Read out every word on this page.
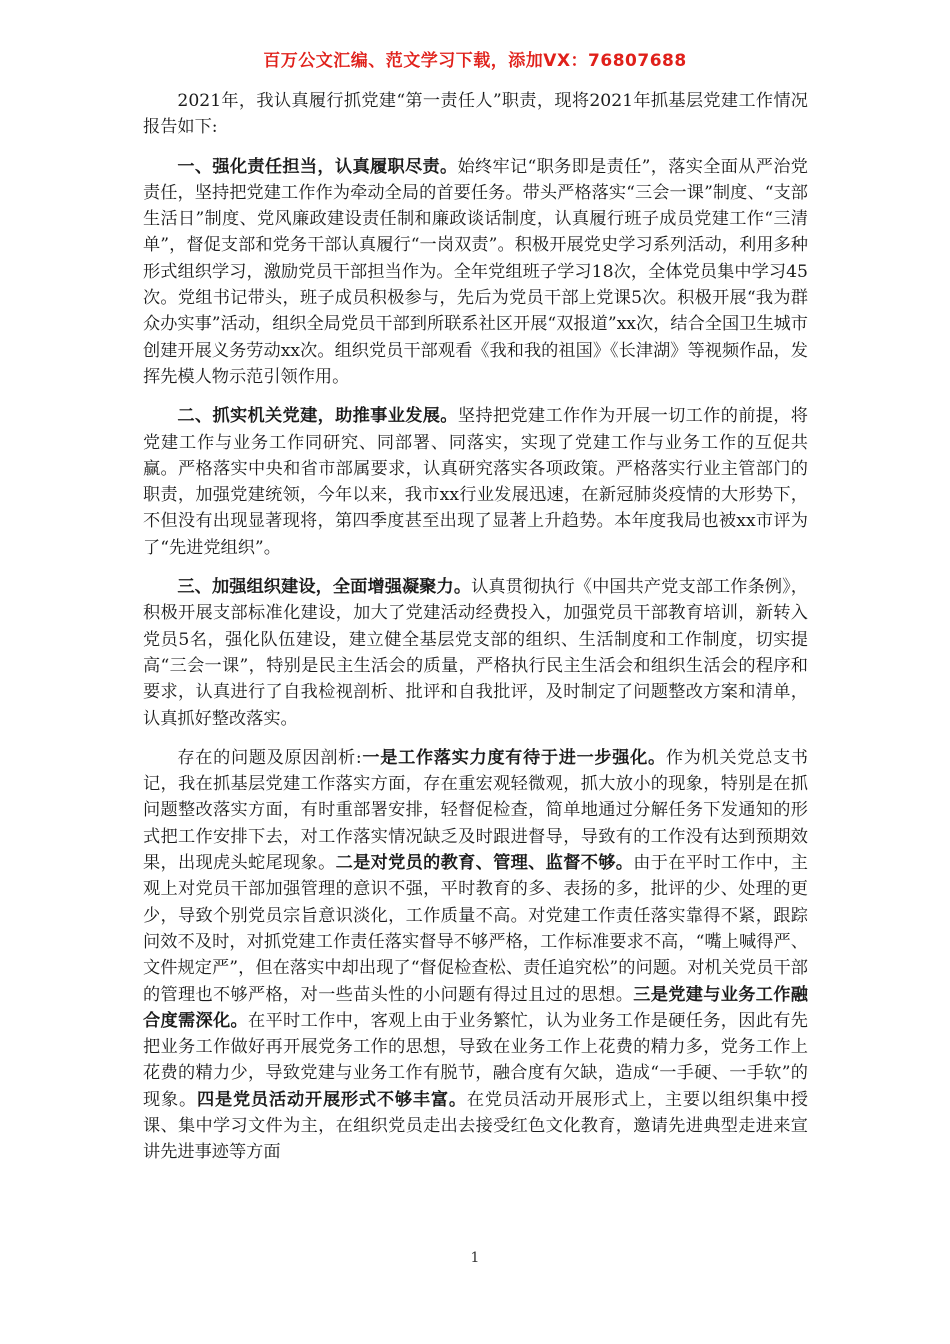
百万公文汇编、范文学习下载，添加VX：76807688

2021年，我认真履行抓党建“第一责任人”职责，现将2021年抓基层党建工作情况报告如下:

一、强化责任担当，认真履职尽责。始终牢记“职务即是责任”，落实全面从严治党责任，坚持把党建工作作为牵动全局的首要任务。带头严格落实“三会一课”制度、“支部生活日”制度、党风廉政建设责任制和廉政谈话制度，认真履行班子成员党建工作“三清单”，督促支部和党务干部认真履行“一岗双责”。积极开展党史学习系列活动，利用多种形式组织学习，激励党员干部担当作为。全年党组班子学习18次，全体党员集中学习45次。党组书记带头，班子成员积极参与，先后为党员干部上党课5次。积极开展“我为群众办实事”活动，组织全局党员干部到所联系社区开展“双报道”xx次，结合全国卫生城市创建开展义务劳动xx次。组织党员干部观看《我和我的祖国》《长津湖》等视频作品，发挥先模人物示范引领作用。

二、抓实机关党建，助推事业发展。坚持把党建工作作为开展一切工作的前提，将党建工作与业务工作同研究、同部署、同落实，实现了党建工作与业务工作的互促共赢。严格落实中央和省市部属要求，认真研究落实各项政策。严格落实行业主管部门的职责，加强党建统领，今年以来，我市xx行业发展迅速，在新冠肺炎疫情的大形势下，不但没有出现显著现将，第四季度甚至出现了显著上升趋势。本年度我局也被xx市评为了“先进党组织”。

三、加强组织建设，全面增强凝聚力。认真贯彻执行《中国共产党支部工作条例》，积极开展支部标准化建设，加大了党建活动经费投入，加强党员干部教育培训，新转入党员5名，强化队伍建设，建立健全基层党支部的组织、生活制度和工作制度，切实提高“三会一课”，特别是民主生活会的质量，严格执行民主生活会和组织生活会的程序和要求，认真进行了自我检视剖析、批评和自我批评，及时制定了问题整改方案和清单，认真抓好整改落实。

存在的问题及原因剖析:一是工作落实力度有待于进一步强化。作为机关党总支书记，我在抓基层党建工作落实方面，存在重宏观轻微观，抓大放小的现象，特别是在抓问题整改落实方面，有时重部署安排，轻督促检查，简单地通过分解任务下发通知的形式把工作安排下去，对工作落实情况缺乏及时跟进督导，导致有的工作没有达到预期效果，出现虎头蛇尾现象。二是对党员的教育、管理、监督不够。由于在平时工作中，主观上对党员干部加强管理的意识不强，平时教育的多、表扬的多，批评的少、处理的更少，导致个别党员宗旨意识淡化，工作质量不高。对党建工作责任落实靠得不紧，跟踪问效不及时，对抓党建工作责任落实督导不够严格，工作标准要求不高，“嘴上喊得严、文件规定严”，但在落实中却出现了“督促检查松、责任追究松”的问题。对机关党员干部的管理也不够严格，对一些苗头性的小问题有得过且过的思想。三是党建与业务工作融合度需深化。在平时工作中，客观上由于业务繁忙，认为业务工作是硬任务，因此有先把业务工作做好再开展党务工作的思想，导致在业务工作上花费的精力多，党务工作上花费的精力少，导致党建与业务工作有脱节，融合度有欠缺，造成“一手硬、一手软”的现象。四是党员活动开展形式不够丰富。在党员活动开展形式上，主要以组织集中授课、集中学习文件为主，在组织党员走出去接受红色文化教育，邀请先进典型走进来宣讲先进事迹等方面

1
